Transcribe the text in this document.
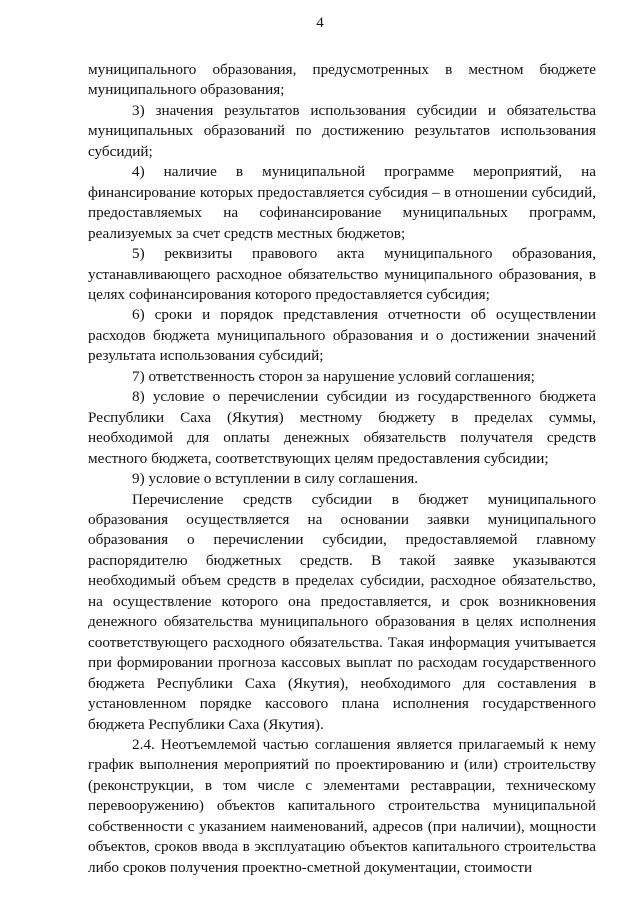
4

муниципального образования, предусмотренных в местном бюджете муниципального образования;

3) значения результатов использования субсидии и обязательства муниципальных образований по достижению результатов использования субсидий;

4) наличие в муниципальной программе мероприятий, на финансирование которых предоставляется субсидия – в отношении субсидий, предоставляемых на софинансирование муниципальных программ, реализуемых за счет средств местных бюджетов;

5) реквизиты правового акта муниципального образования, устанавливающего расходное обязательство муниципального образования, в целях софинансирования которого предоставляется субсидия;

6) сроки и порядок представления отчетности об осуществлении расходов бюджета муниципального образования и о достижении значений результата использования субсидий;

7) ответственность сторон за нарушение условий соглашения;

8) условие о перечислении субсидии из государственного бюджета Республики Саха (Якутия) местному бюджету в пределах суммы, необходимой для оплаты денежных обязательств получателя средств местного бюджета, соответствующих целям предоставления субсидии;

9) условие о вступлении в силу соглашения.

Перечисление средств субсидии в бюджет муниципального образования осуществляется на основании заявки муниципального образования о перечислении субсидии, предоставляемой главному распорядителю бюджетных средств. В такой заявке указываются необходимый объем средств в пределах субсидии, расходное обязательство, на осуществление которого она предоставляется, и срок возникновения денежного обязательства муниципального образования в целях исполнения соответствующего расходного обязательства. Такая информация учитывается при формировании прогноза кассовых выплат по расходам государственного бюджета Республики Саха (Якутия), необходимого для составления в установленном порядке кассового плана исполнения государственного бюджета Республики Саха (Якутия).

2.4. Неотъемлемой частью соглашения является прилагаемый к нему график выполнения мероприятий по проектированию и (или) строительству (реконструкции, в том числе с элементами реставрации, техническому перевооружению) объектов капитального строительства муниципальной собственности с указанием наименований, адресов (при наличии), мощности объектов, сроков ввода в эксплуатацию объектов капитального строительства либо сроков получения проектно-сметной документации, стоимости
